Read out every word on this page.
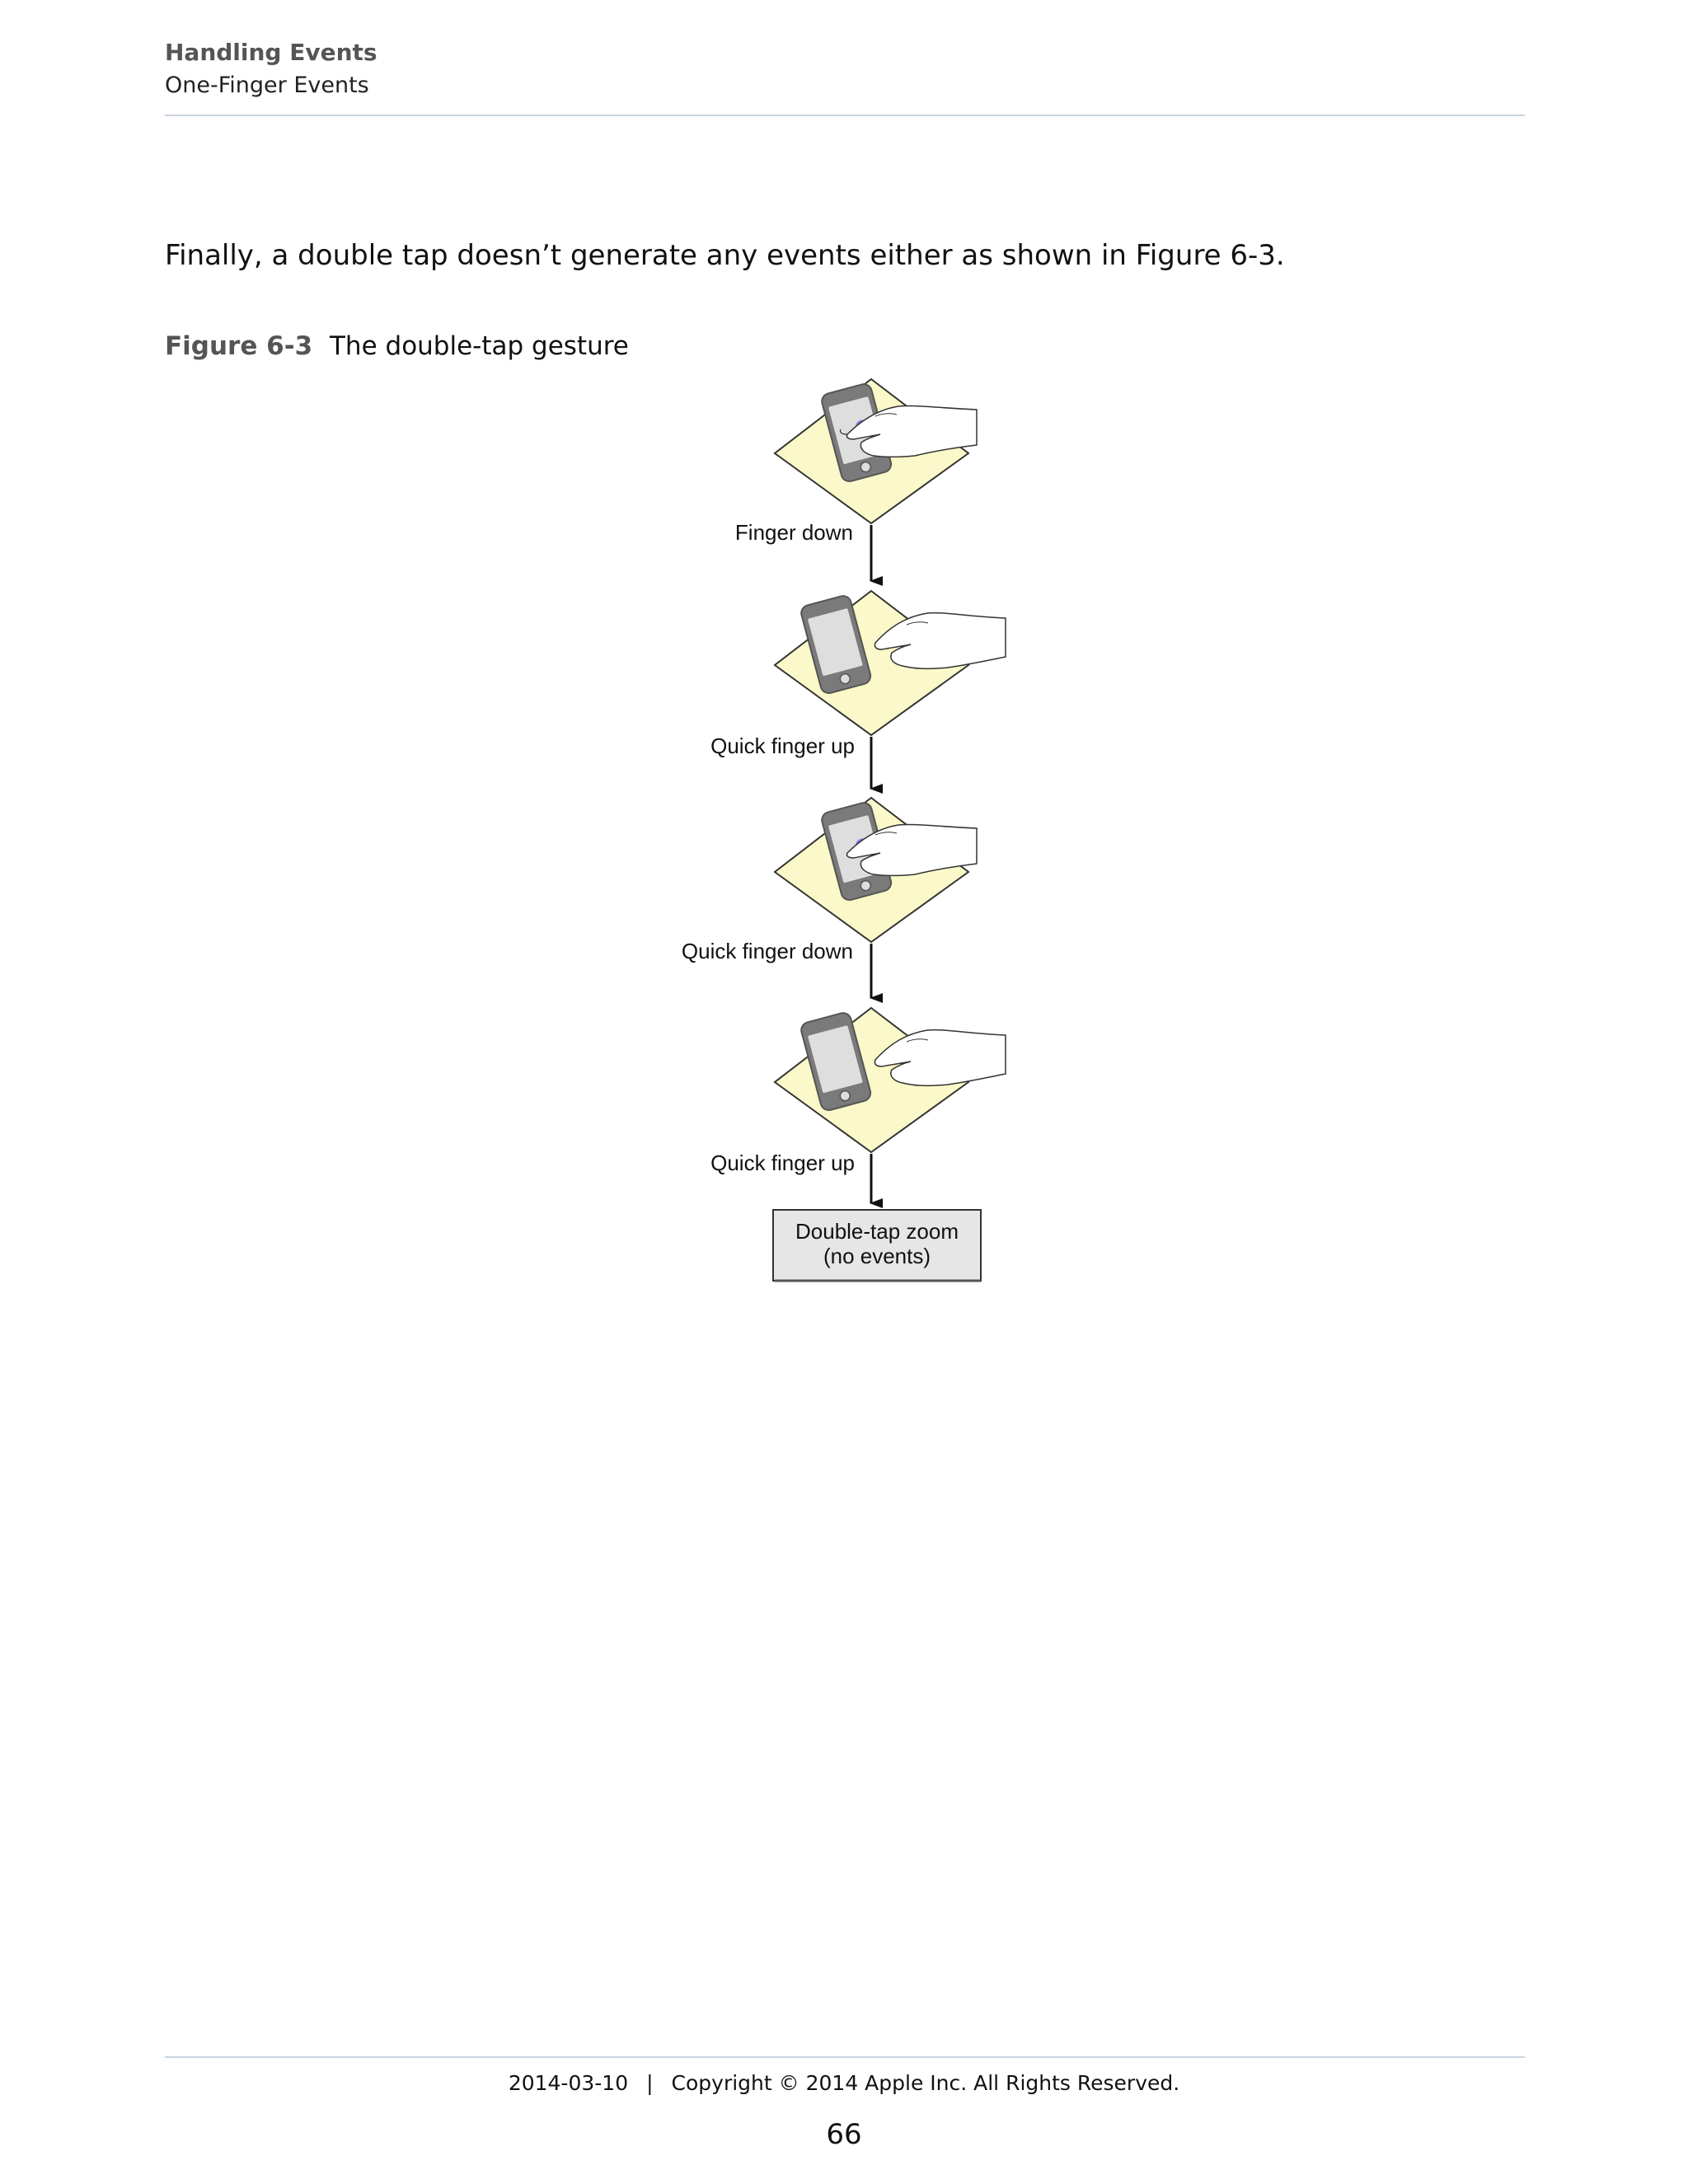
Handling Events
One-Finger Events
Finally, a double tap doesn’t generate any events either as shown in Figure 6-3.
Figure 6-3 The double-tap gesture
Finger down
Quick finger up
Quick finger down
Quick finger up
Double-tap zoom
(no events)
2014-03-10 | Copyright © 2014 Apple Inc. All Rights Reserved.
66
